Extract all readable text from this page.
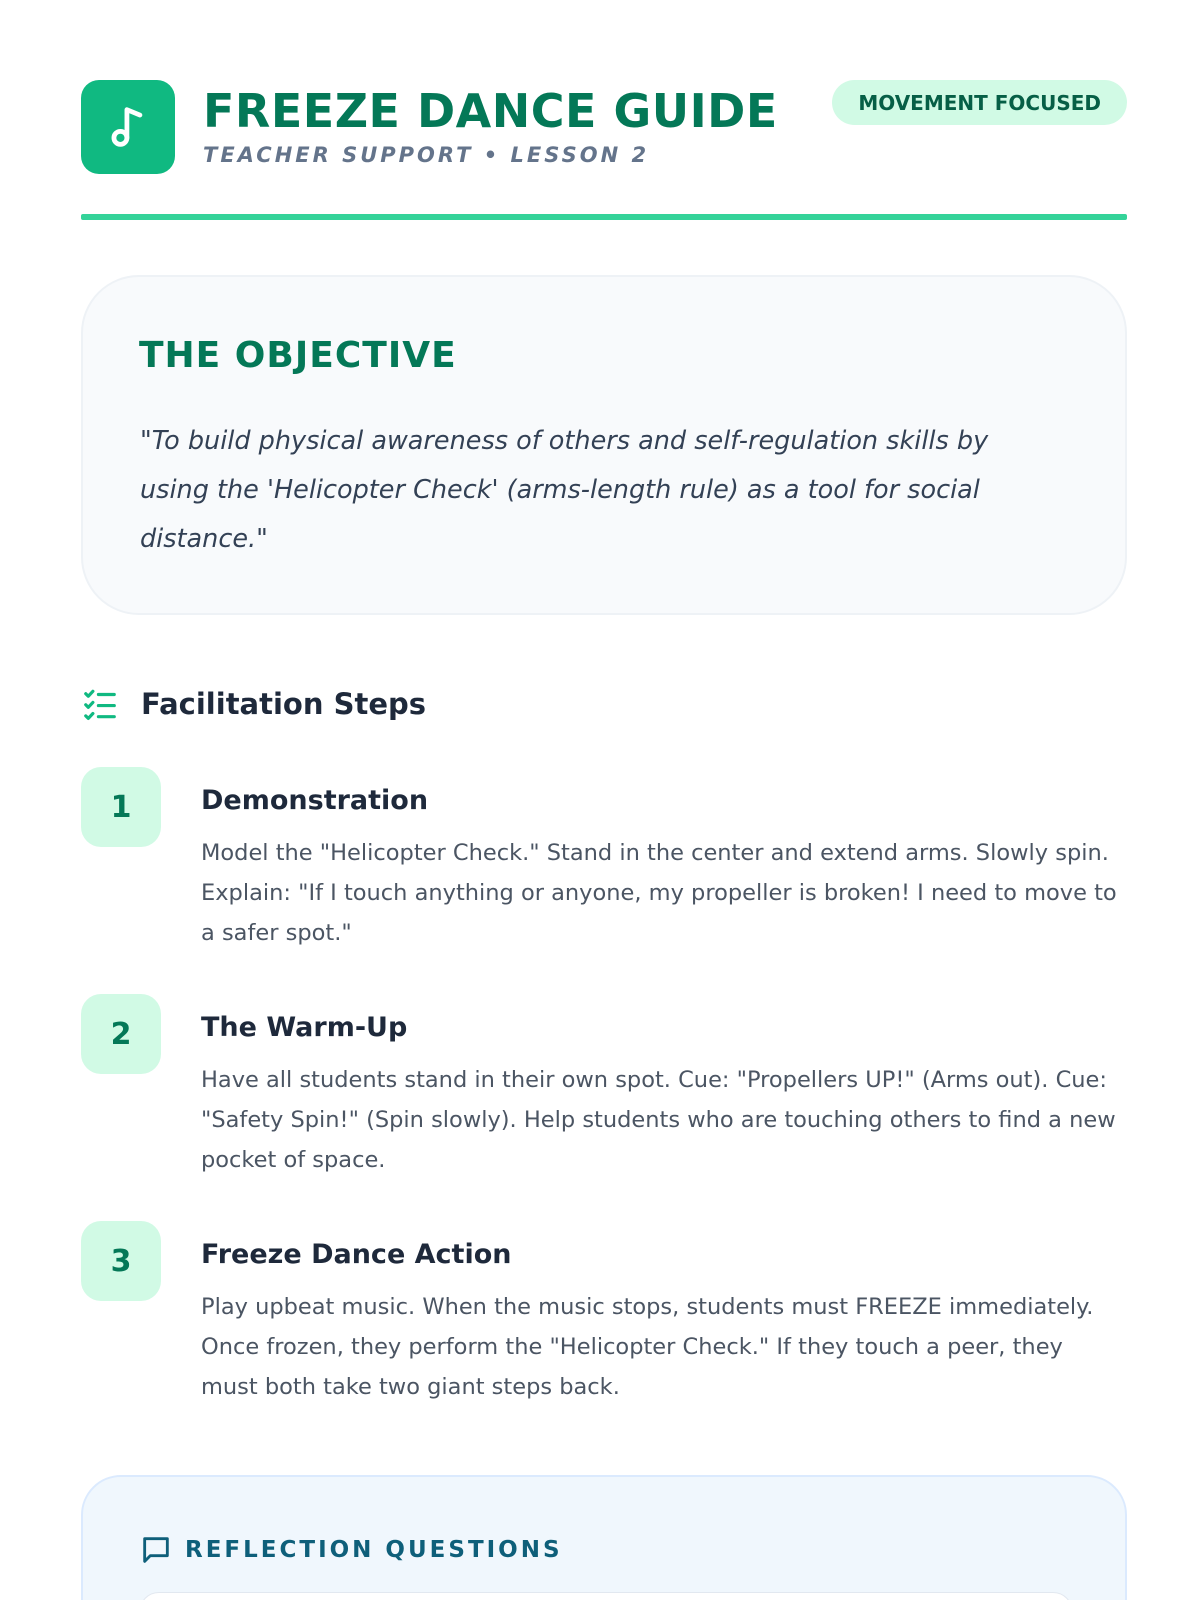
FREEZE DANCE GUIDE
TEACHER SUPPORT • LESSON 2
MOVEMENT FOCUSED
THE OBJECTIVE

"To build physical awareness of others and self-regulation skills by using the 'Helicopter Check' (arms-length rule) as a tool for social distance."

Facilitation Steps
1	Demonstration
Model the "Helicopter Check." Stand in the center and extend arms. Slowly spin. Explain: "If I touch anything or anyone, my propeller is broken! I need to move to a safer spot."
2	The Warm-Up
Have all students stand in their own spot. Cue: "Propellers UP!" (Arms out). Cue: "Safety Spin!" (Spin slowly). Help students who are touching others to find a new pocket of space.
3	Freeze Dance Action
Play upbeat music. When the music stops, students must FREEZE immediately. Once frozen, they perform the "Helicopter Check." If they touch a peer, they must both take two giant steps back.
REFLECTION QUESTIONS
